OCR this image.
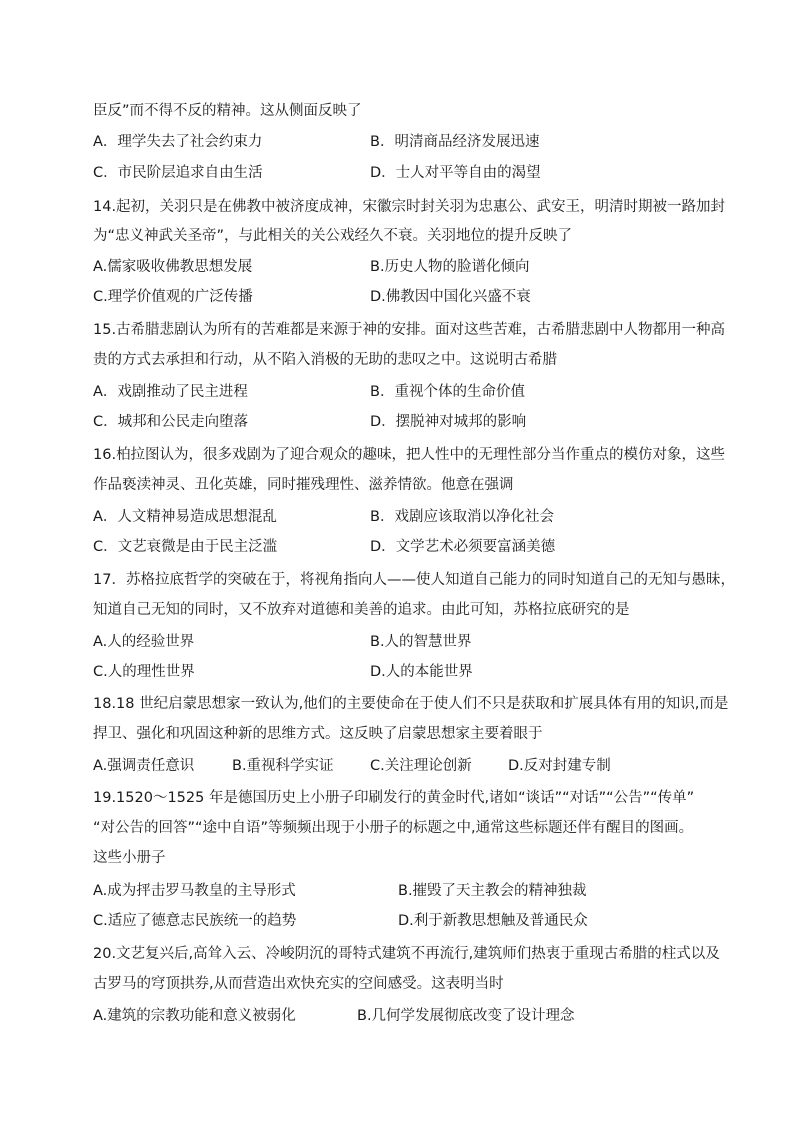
臣反”而不得不反的精神。这从侧面反映了
A．理学失去了社会约束力	B．明清商品经济发展迅速
C．市民阶层追求自由生活	D．士人对平等自由的渴望
14.起初，关羽只是在佛教中被济度成神，宋徽宗时封关羽为忠惠公、武安王，明清时期被一路加封
为“忠义神武关圣帝”，与此相关的关公戏经久不衰。关羽地位的提升反映了
A.儒家吸收佛教思想发展	B.历史人物的脸谱化倾向
C.理学价值观的广泛传播	D.佛教因中国化兴盛不衰
15.古希腊悲剧认为所有的苦难都是来源于神的安排。面对这些苦难，古希腊悲剧中人物都用一种高
贵的方式去承担和行动，从不陷入消极的无助的悲叹之中。这说明古希腊
A．戏剧推动了民主进程	B．重视个体的生命价值
C．城邦和公民走向堕落	D．摆脱神对城邦的影响
16.柏拉图认为，很多戏剧为了迎合观众的趣味，把人性中的无理性部分当作重点的模仿对象，这些
作品亵渎神灵、丑化英雄，同时摧残理性、滋养情欲。他意在强调
A．人文精神易造成思想混乱	B．戏剧应该取消以净化社会
C．文艺衰微是由于民主泛滥	D．文学艺术必须要富涵美德
17．苏格拉底哲学的突破在于，将视角指向人——使人知道自己能力的同时知道自己的无知与愚昧，
知道自己无知的同时，又不放弃对道德和美善的追求。由此可知，苏格拉底研究的是
A.人的经验世界	B.人的智慧世界
C.人的理性世界	D.人的本能世界
18.18 世纪启蒙思想家一致认为,他们的主要使命在于使人们不只是获取和扩展具体有用的知识,而是
捍卫、强化和巩固这种新的思维方式。这反映了启蒙思想家主要着眼于
A.强调责任意识	B.重视科学实证	C.关注理论创新	D.反对封建专制
19.1520～1525 年是德国历史上小册子印刷发行的黄金时代,诸如“谈话”“对话”“公告”“传单”
“对公告的回答”“途中自语”等频频出现于小册子的标题之中,通常这些标题还伴有醒目的图画。
这些小册子
A.成为抨击罗马教皇的主导形式	B.摧毁了天主教会的精神独裁
C.适应了德意志民族统一的趋势	D.利于新教思想触及普通民众
20.文艺复兴后,高耸入云、冷峻阴沉的哥特式建筑不再流行,建筑师们热衷于重现古希腊的柱式以及
古罗马的穹顶拱券,从而营造出欢快充实的空间感受。这表明当时
A.建筑的宗教功能和意义被弱化	B.几何学发展彻底改变了设计理念
